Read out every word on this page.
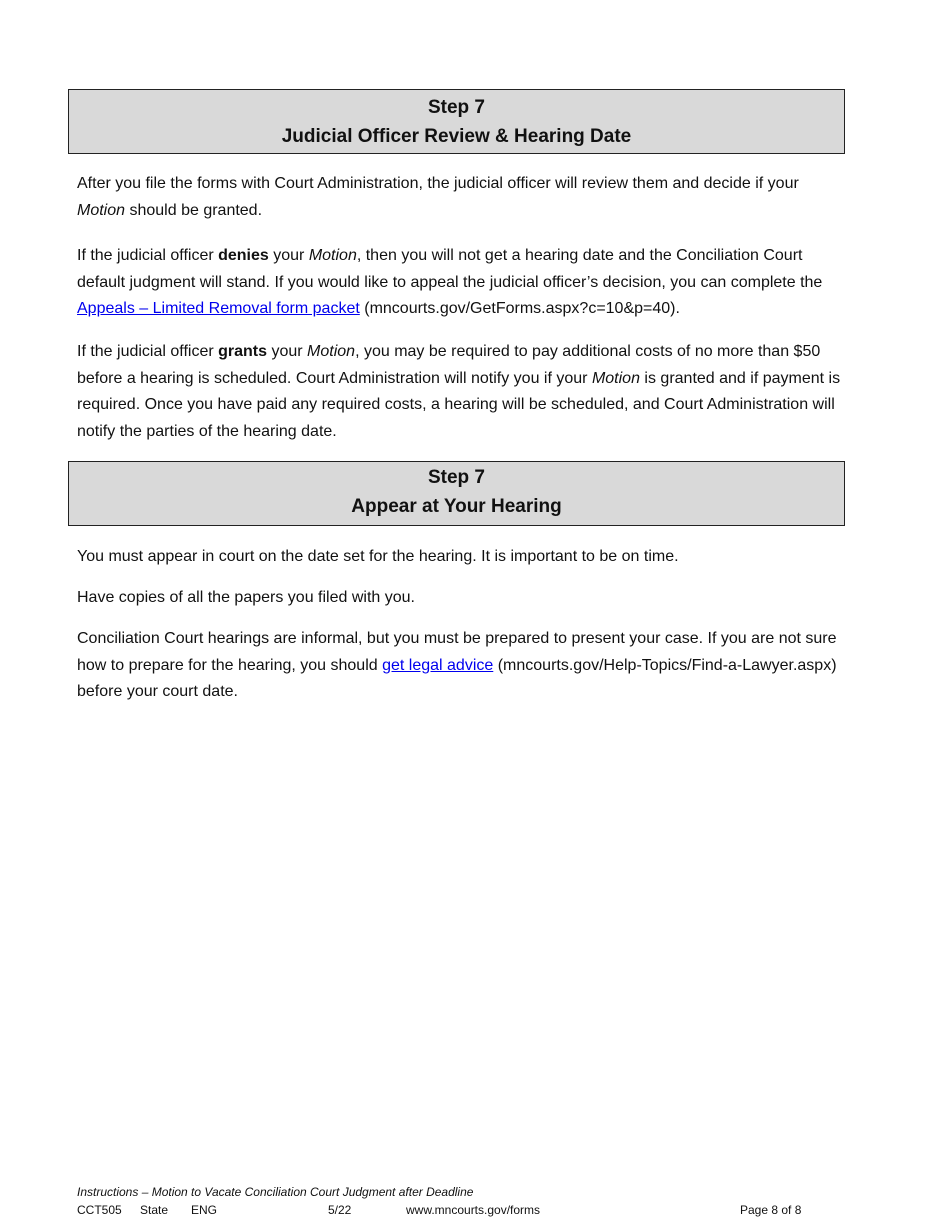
Step 7
Judicial Officer Review & Hearing Date

After you file the forms with Court Administration, the judicial officer will review them and decide if your Motion should be granted.

If the judicial officer denies your Motion, then you will not get a hearing date and the Conciliation Court default judgment will stand. If you would like to appeal the judicial officer’s decision, you can complete the Appeals – Limited Removal form packet (mncourts.gov/GetForms.aspx?c=10&p=40).

If the judicial officer grants your Motion, you may be required to pay additional costs of no more than $50 before a hearing is scheduled. Court Administration will notify you if your Motion is granted and if payment is required. Once you have paid any required costs, a hearing will be scheduled, and Court Administration will notify the parties of the hearing date.

Step 7
Appear at Your Hearing

You must appear in court on the date set for the hearing. It is important to be on time.

Have copies of all the papers you filed with you.

Conciliation Court hearings are informal, but you must be prepared to present your case. If you are not sure how to prepare for the hearing, you should get legal advice (mncourts.gov/Help-Topics/Find-a-Lawyer.aspx) before your court date.

Instructions – Motion to Vacate Conciliation Court Judgment after Deadline
CCT505 State ENG	5/22	www.mncourts.gov/forms	Page 8 of 8
